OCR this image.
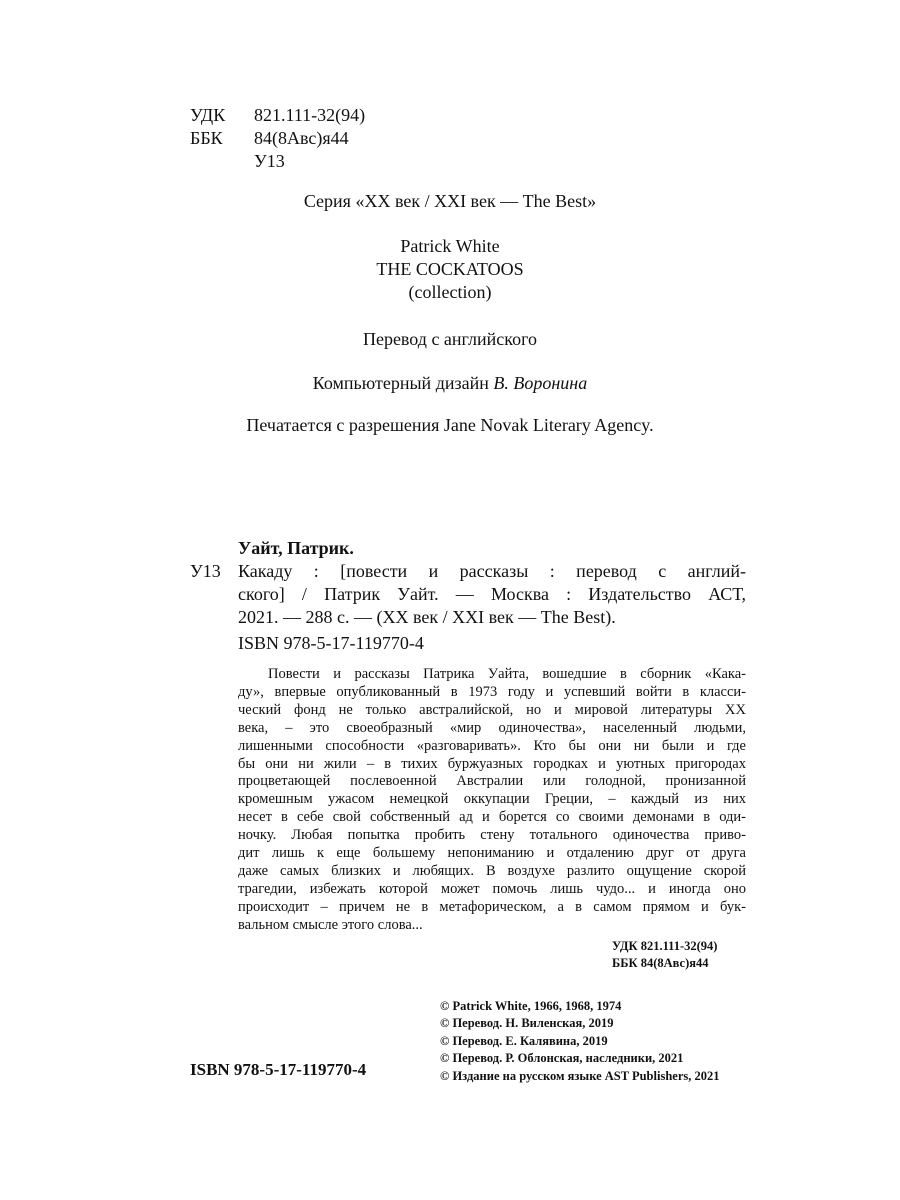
УДК 821.111-32(94)
ББК 84(8Авс)я44
У13
Серия «XX век / XXI век — The Best»
Patrick White
THE COCKATOOS
(collection)
Перевод с английского
Компьютерный дизайн В. Воронина
Печатается с разрешения Jane Novak Literary Agency.
Уайт, Патрик.
У13 Какаду : [повести и рассказы : перевод с англий-
ского] / Патрик Уайт. — Москва : Издательство АСТ,
2021. — 288 с. — (XX век / XXI век — The Best).
ISBN 978-5-17-119770-4
Повести и рассказы Патрика Уайта, вошедшие в сборник «Кака-
ду», впервые опубликованный в 1973 году и успевший войти в класси-
ческий фонд не только австралийской, но и мировой литературы XX
века, – это своеобразный «мир одиночества», населенный людьми,
лишенными способности «разговаривать». Кто бы они ни были и где
бы они ни жили – в тихих буржуазных городках и уютных пригородах
процветающей послевоенной Австралии или голодной, пронизанной
кромешным ужасом немецкой оккупации Греции, – каждый из них
несет в себе свой собственный ад и борется со своими демонами в оди-
ночку. Любая попытка пробить стену тотального одиночества приво-
дит лишь к еще большему непониманию и отдалению друг от друга
даже самых близких и любящих. В воздухе разлито ощущение скорой
трагедии, избежать которой может помочь лишь чудо... и иногда оно
происходит – причем не в метафорическом, а в самом прямом и бук-
вальном смысле этого слова...
УДК 821.111-32(94)
ББК 84(8Авс)я44
© Patrick White, 1966, 1968, 1974
© Перевод. Н. Виленская, 2019
© Перевод. Е. Калявина, 2019
© Перевод. Р. Облонская, наследники, 2021
© Издание на русском языке AST Publishers, 2021
ISBN 978-5-17-119770-4
